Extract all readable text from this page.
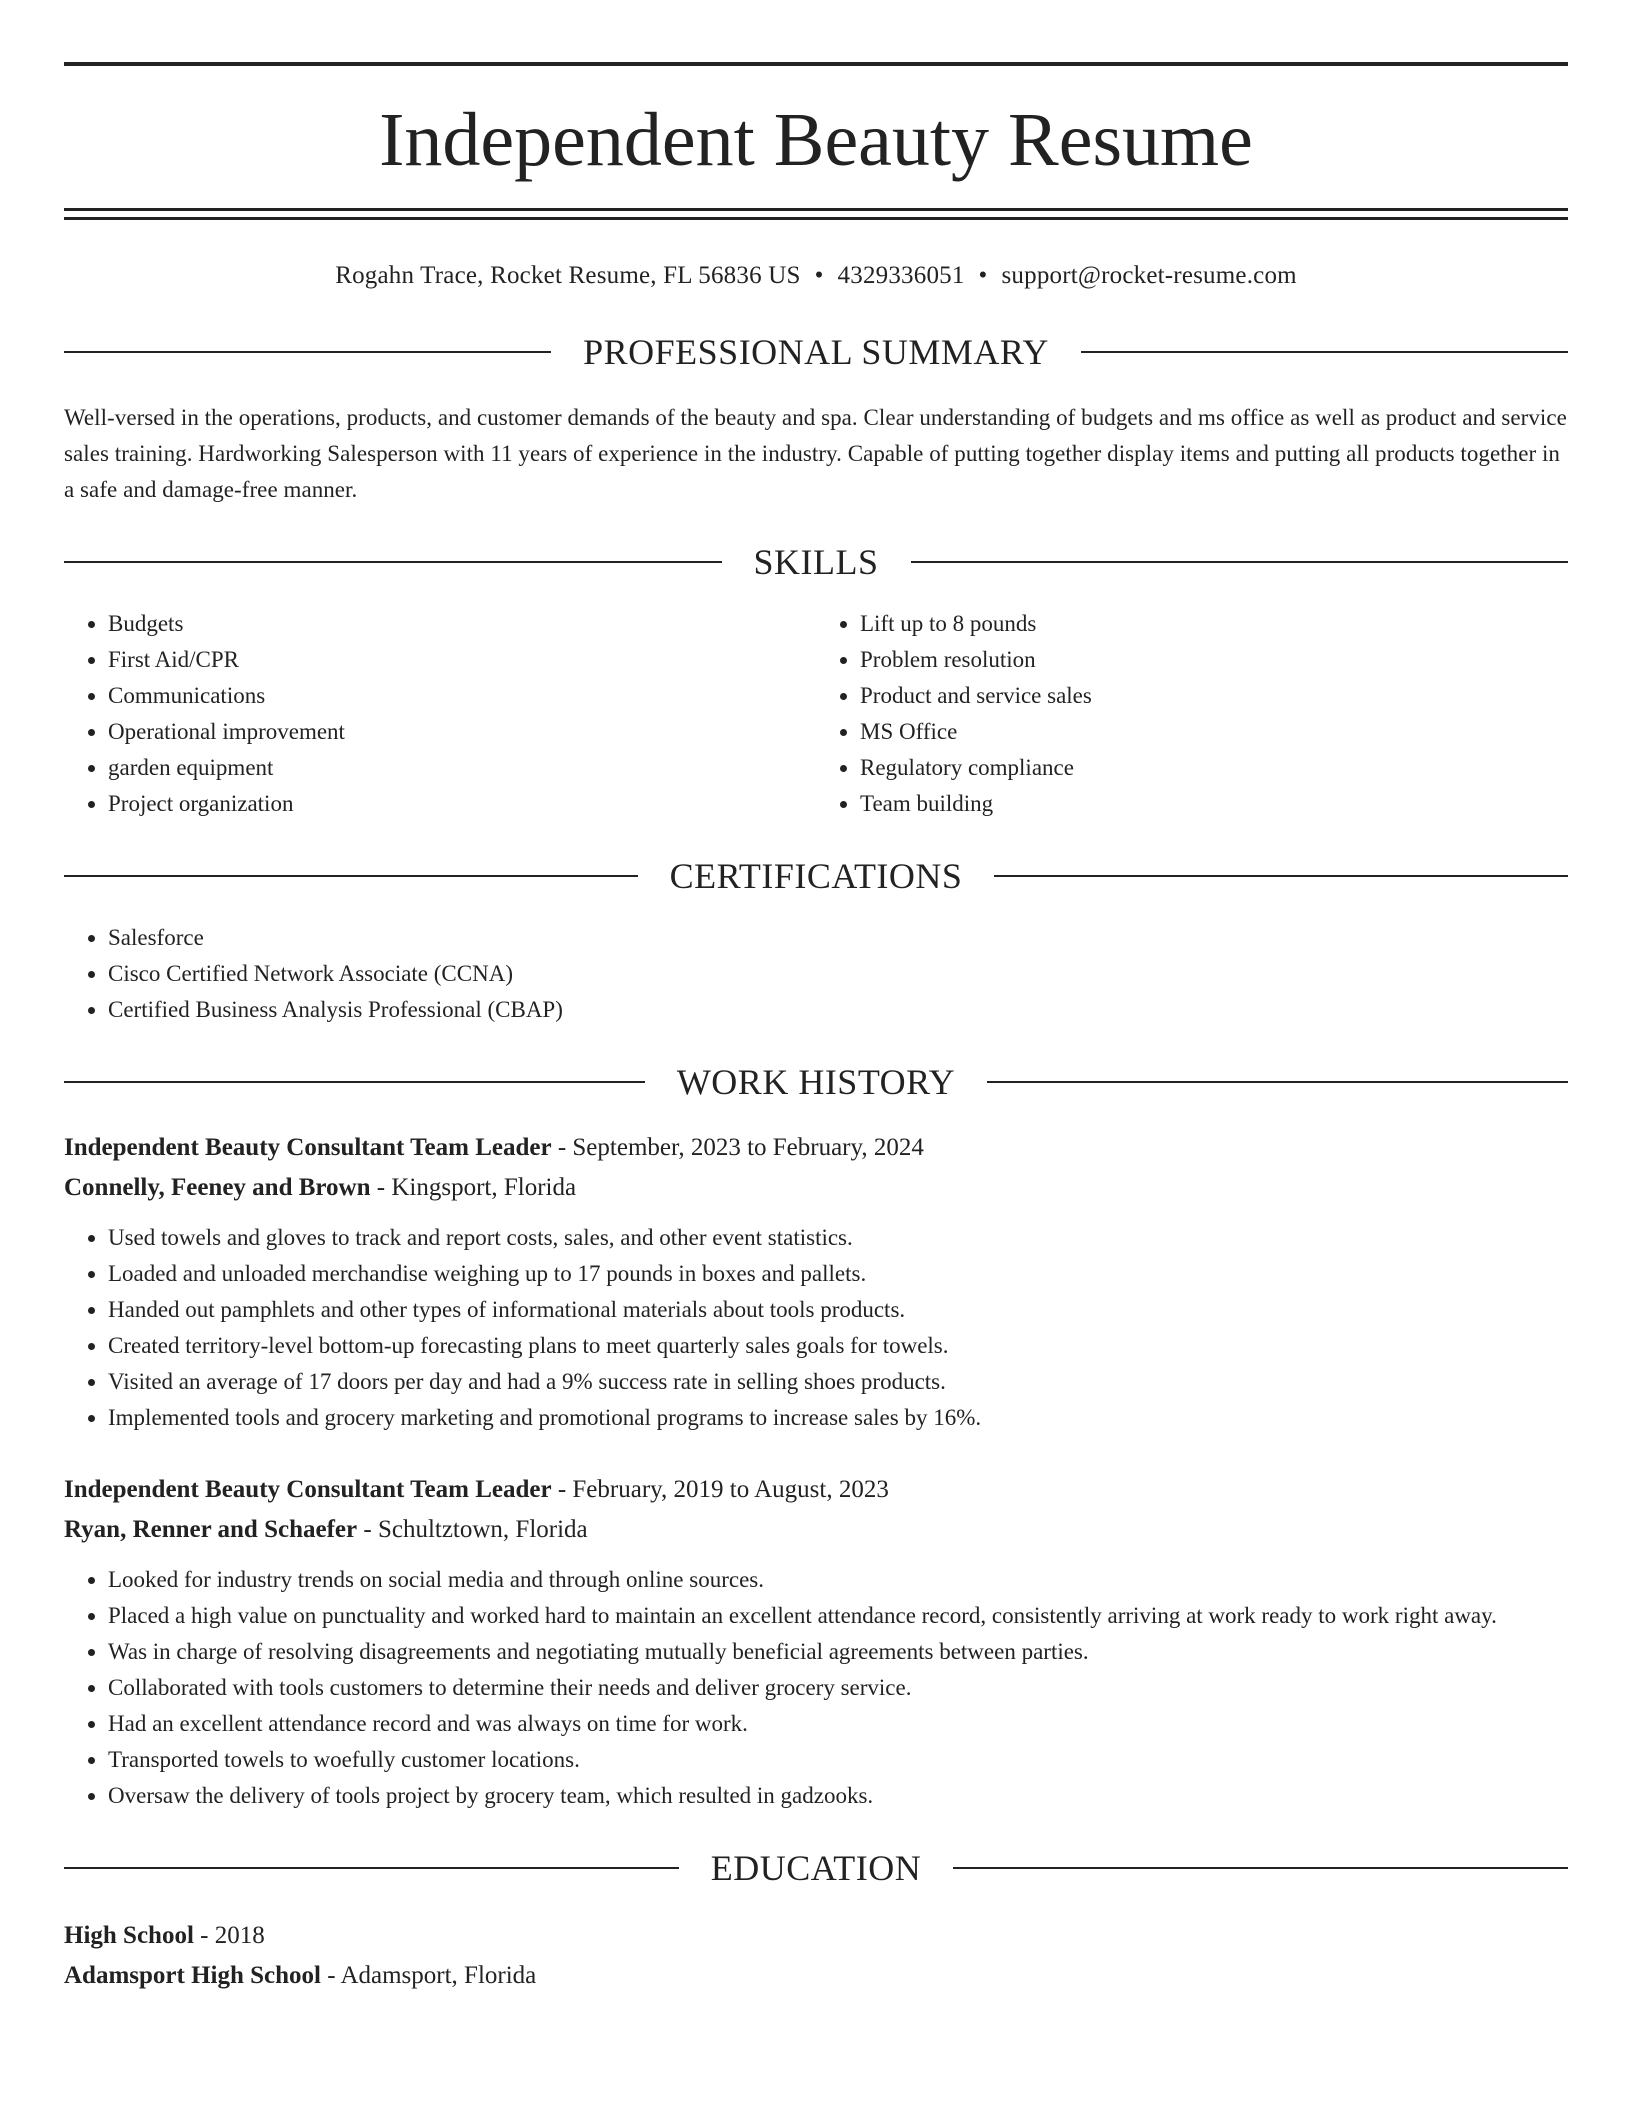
Independent Beauty Resume
Rogahn Trace, Rocket Resume, FL 56836 US • 4329336051 • support@rocket-resume.com
PROFESSIONAL SUMMARY

Well-versed in the operations, products, and customer demands of the beauty and spa. Clear understanding of budgets and ms office as well as product and service sales training. Hardworking Salesperson with 11 years of experience in the industry. Capable of putting together display items and putting all products together in a safe and damage-free manner.

SKILLS
• Budgets
• First Aid/CPR
• Communications
• Operational improvement
• garden equipment
• Project organization
• Lift up to 8 pounds
• Problem resolution
• Product and service sales
• MS Office
• Regulatory compliance
• Team building
CERTIFICATIONS
• Salesforce
• Cisco Certified Network Associate (CCNA)
• Certified Business Analysis Professional (CBAP)
WORK HISTORY
Independent Beauty Consultant Team Leader - September, 2023 to February, 2024
Connelly, Feeney and Brown - Kingsport, Florida
• Used towels and gloves to track and report costs, sales, and other event statistics.
• Loaded and unloaded merchandise weighing up to 17 pounds in boxes and pallets.
• Handed out pamphlets and other types of informational materials about tools products.
• Created territory-level bottom-up forecasting plans to meet quarterly sales goals for towels.
• Visited an average of 17 doors per day and had a 9% success rate in selling shoes products.
• Implemented tools and grocery marketing and promotional programs to increase sales by 16%.
Independent Beauty Consultant Team Leader - February, 2019 to August, 2023
Ryan, Renner and Schaefer - Schultztown, Florida
• Looked for industry trends on social media and through online sources.
• Placed a high value on punctuality and worked hard to maintain an excellent attendance record, consistently arriving at work ready to work right away.
• Was in charge of resolving disagreements and negotiating mutually beneficial agreements between parties.
• Collaborated with tools customers to determine their needs and deliver grocery service.
• Had an excellent attendance record and was always on time for work.
• Transported towels to woefully customer locations.
• Oversaw the delivery of tools project by grocery team, which resulted in gadzooks.
EDUCATION
High School - 2018
Adamsport High School - Adamsport, Florida
